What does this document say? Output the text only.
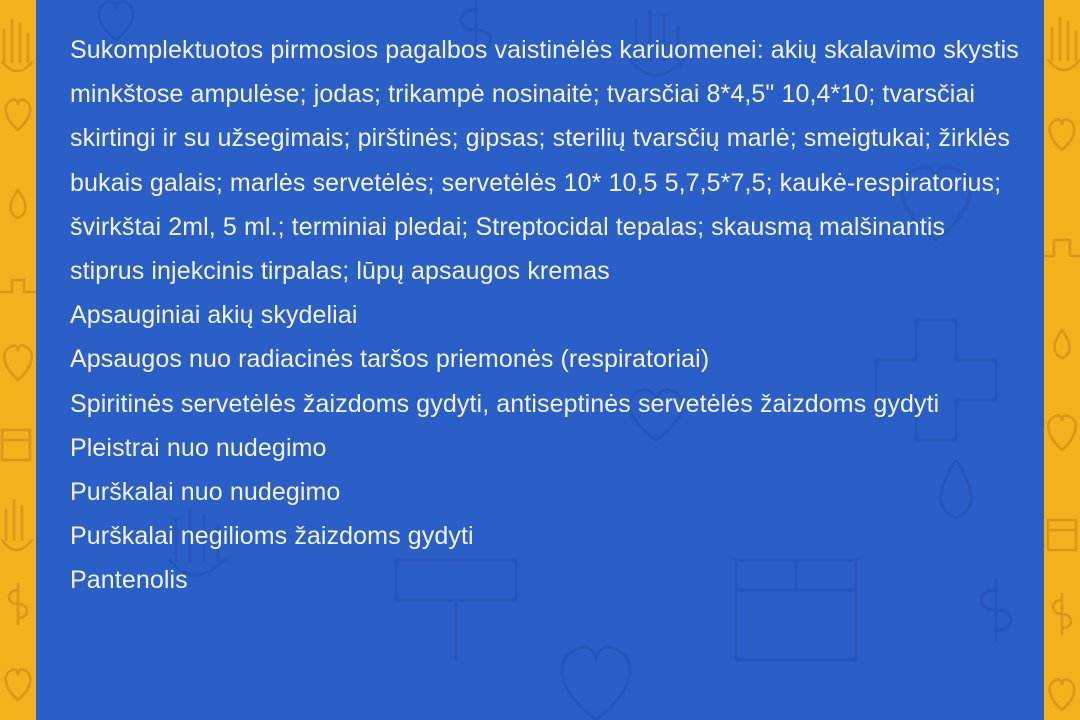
Sukomplektuotos pirmosios pagalbos vaistinėlės kariuomenei: akių skalavimo skystis minkštose ampulėse; jodas; trikampė nosinaitė; tvarsčiai 8*4,5" 10,4*10; tvarsčiai skirtingi ir su užsegimais; pirštinės; gipsas; sterilių tvarsčių marlė; smeigtukai; žirklės bukais galais; marlės servetėlės; servetėlės 10* 10,5 5,7,5*7,5; kaukė-respiratorius; švirkštai 2ml, 5 ml.; terminiai pledai; Streptocidal tepalas; skausmą malšinantis stiprus injekcinis tirpalas; lūpų apsaugos kremas

Apsauginiai akių skydeliai

Apsaugos nuo radiacinės taršos priemonės (respiratoriai)

Spiritinės servetėlės žaizdoms gydyti, antiseptinės servetėlės žaizdoms gydyti

Pleistrai nuo nudegimo

Purškalai nuo nudegimo

Purškalai negilioms žaizdoms gydyti

Pantenolis
